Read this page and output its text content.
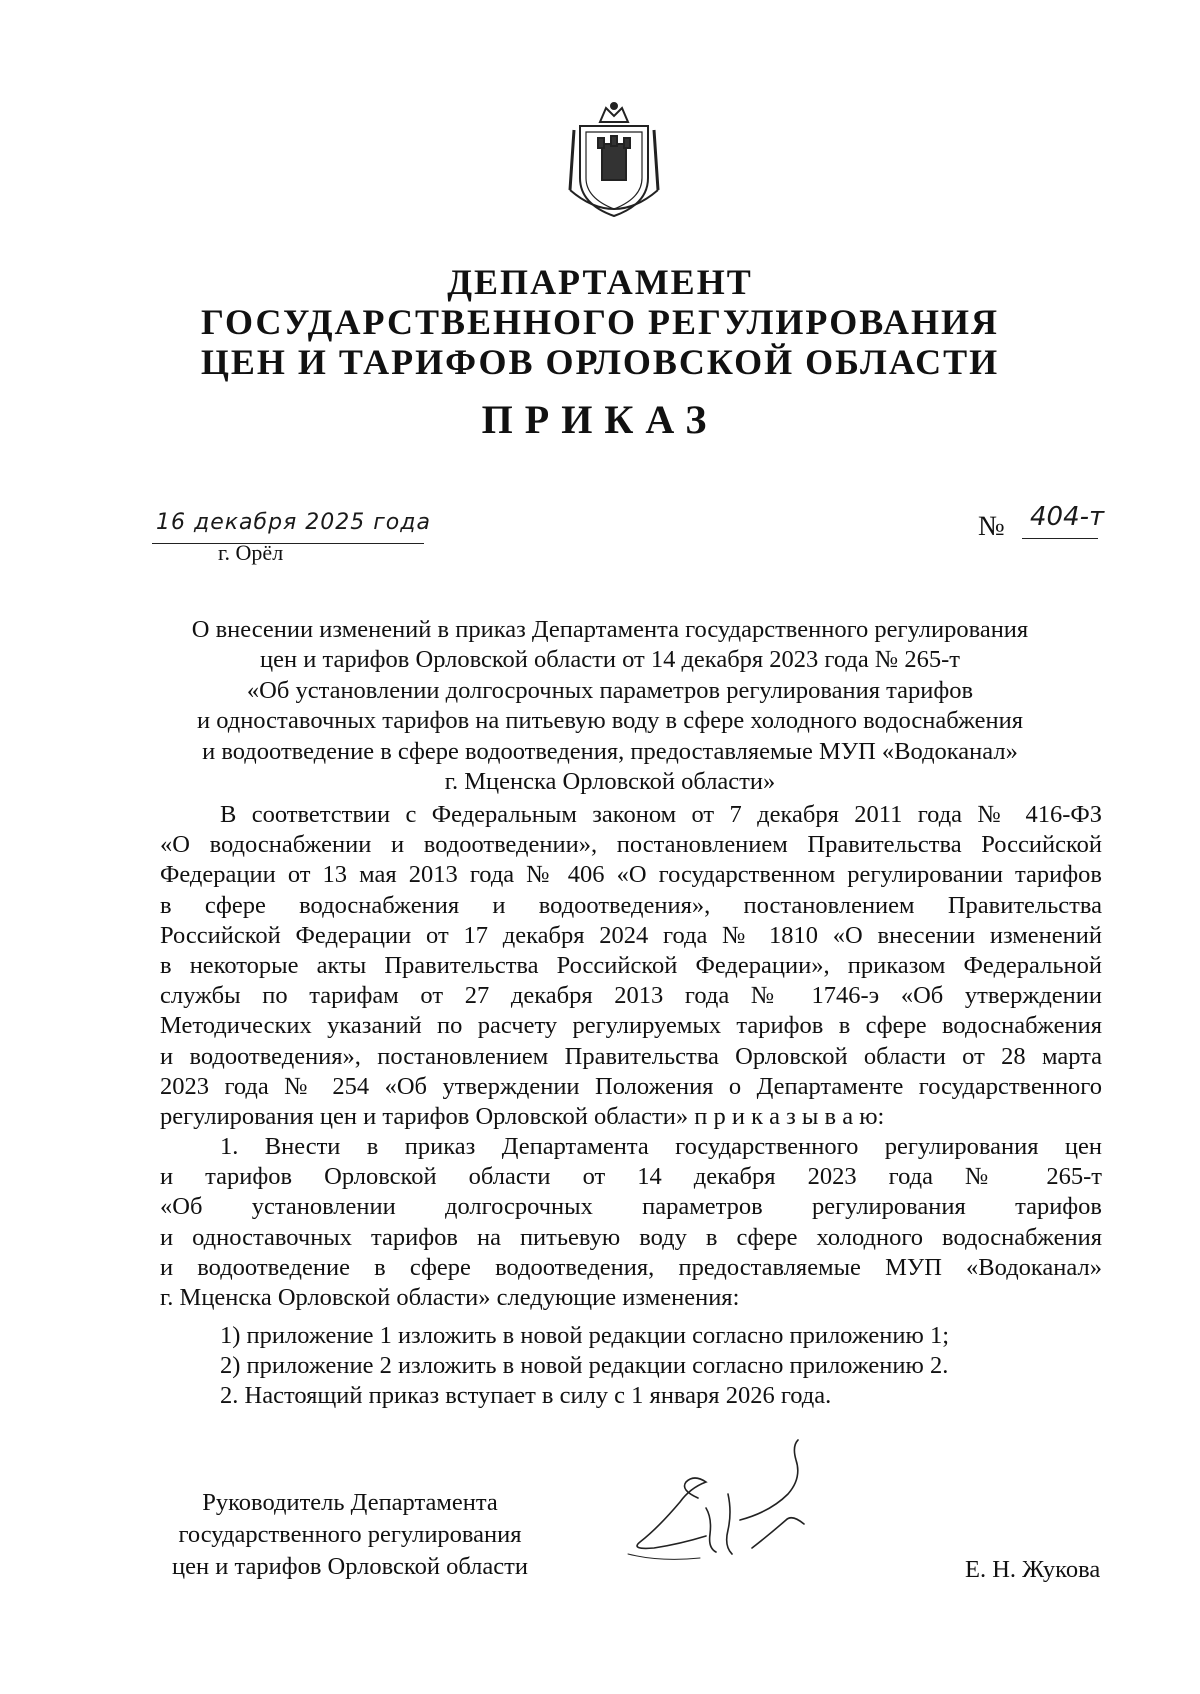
ДЕПАРТАМЕНТ
ГОСУДАРСТВЕННОГО РЕГУЛИРОВАНИЯ
ЦЕН И ТАРИФОВ ОРЛОВСКОЙ ОБЛАСТИ
ПРИКАЗ
16 декабря 2025 года
г. Орёл
№ 404-т
О внесении изменений в приказ Департамента государственного регулирования
цен и тарифов Орловской области от 14 декабря 2023 года № 265-т
«Об установлении долгосрочных параметров регулирования тарифов
и одноставочных тарифов на питьевую воду в сфере холодного водоснабжения
и водоотведение в сфере водоотведения, предоставляемые МУП «Водоканал»
г. Мценска Орловской области»
В соответствии с Федеральным законом от 7 декабря 2011 года № 416-ФЗ
«О водоснабжении и водоотведении», постановлением Правительства Российской
Федерации от 13 мая 2013 года № 406 «О государственном регулировании тарифов
в сфере водоснабжения и водоотведения», постановлением Правительства
Российской Федерации от 17 декабря 2024 года № 1810 «О внесении изменений
в некоторые акты Правительства Российской Федерации», приказом Федеральной
службы по тарифам от 27 декабря 2013 года № 1746-э «Об утверждении
Методических указаний по расчету регулируемых тарифов в сфере водоснабжения
и водоотведения», постановлением Правительства Орловской области от 28 марта
2023 года № 254 «Об утверждении Положения о Департаменте государственного
регулирования цен и тарифов Орловской области» п р и к а з ы в а ю:
1. Внести в приказ Департамента государственного регулирования цен
и тарифов Орловской области от 14 декабря 2023 года № 265-т
«Об установлении долгосрочных параметров регулирования тарифов
и одноставочных тарифов на питьевую воду в сфере холодного водоснабжения
и водоотведение в сфере водоотведения, предоставляемые МУП «Водоканал»
г. Мценска Орловской области» следующие изменения:
1) приложение 1 изложить в новой редакции согласно приложению 1;
2) приложение 2 изложить в новой редакции согласно приложению 2.
2. Настоящий приказ вступает в силу с 1 января 2026 года.
Руководитель Департамента
государственного регулирования
цен и тарифов Орловской области	Е. Н. Жукова
